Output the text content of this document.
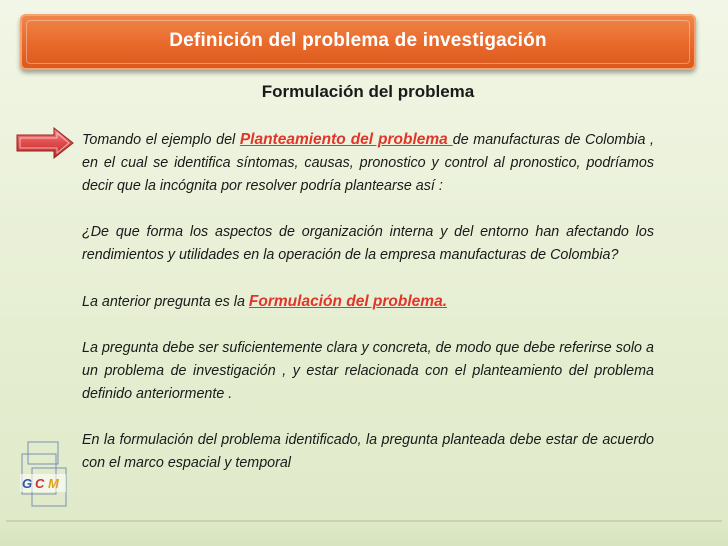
Definición del problema de investigación
Formulación del problema

Tomando el ejemplo del Planteamiento del problema de manufacturas de Colombia , en el cual se identifica síntomas, causas, pronostico y control al pronostico, podríamos decir que la incógnita por resolver podría plantearse así :

¿De que forma los aspectos de organización interna y del entorno han afectando los rendimientos y utilidades en la operación de la empresa manufacturas de Colombia?

La anterior pregunta es la Formulación del problema.

La pregunta debe ser suficientemente clara y concreta, de modo que debe referirse solo a un problema de investigación , y estar relacionada con el planteamiento del problema definido anteriormente .

En la formulación del problema identificado, la pregunta planteada debe estar de acuerdo con el marco espacial y temporal

G C M
